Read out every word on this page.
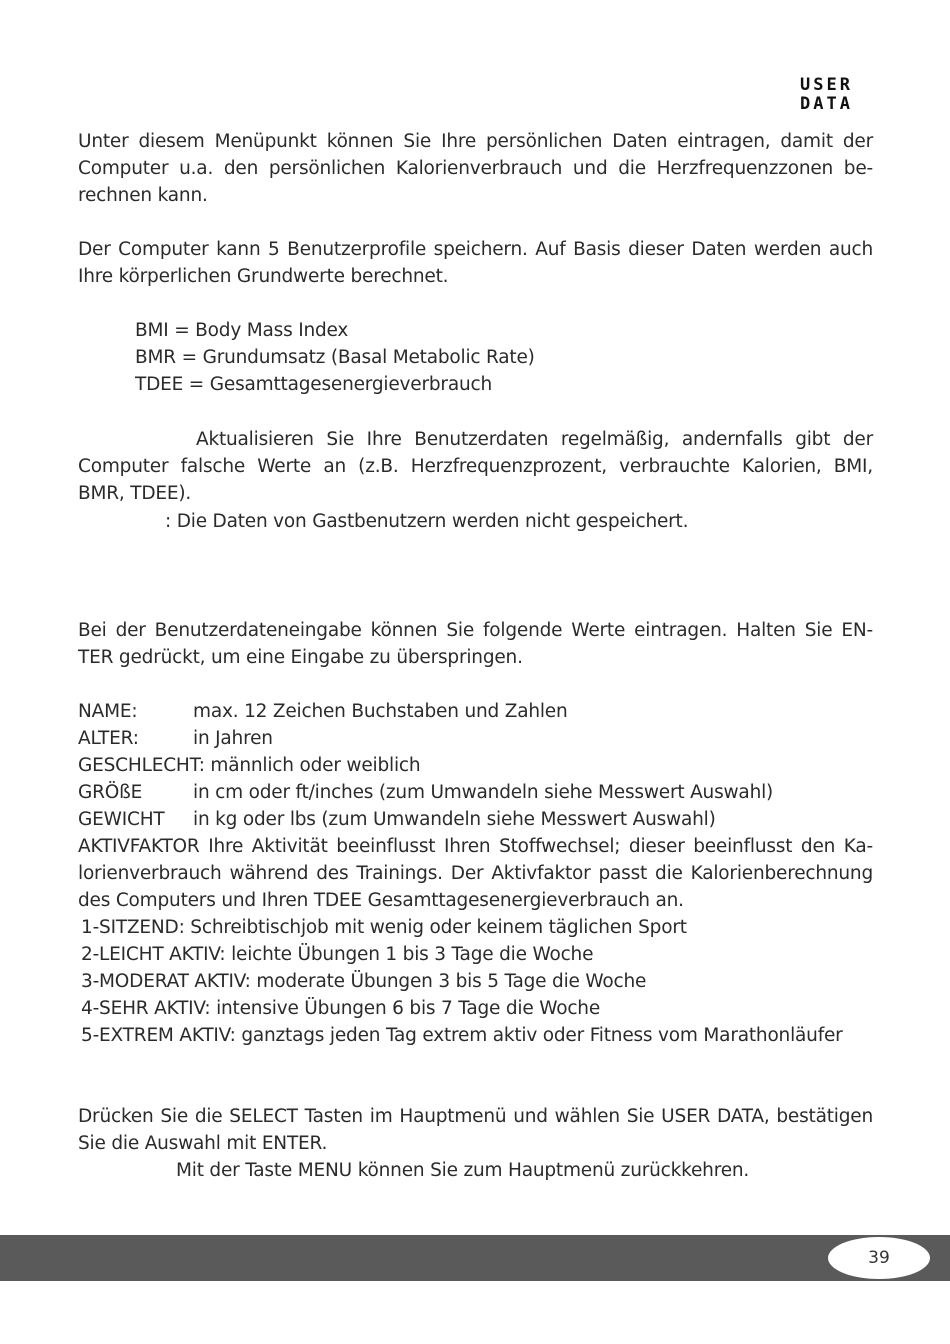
USER
DATA

Unter diesem Menüpunkt können Sie Ihre persönlichen Daten eintragen, damit der Computer u.a. den persönlichen Kalorienverbrauch und die Herzfrequenzzonen be-rechnen kann.

Der Computer kann 5 Benutzerprofile speichern. Auf Basis dieser Daten werden auch Ihre körperlichen Grundwerte berechnet.

BMI = Body Mass Index

BMR = Grundumsatz (Basal Metabolic Rate)

TDEE = Gesamttagesenergieverbrauch

Aktualisieren Sie Ihre Benutzerdaten regelmäßig, andernfalls gibt der Computer falsche Werte an (z.B. Herzfrequenzprozent, verbrauchte Kalorien, BMI, BMR, TDEE).

: Die Daten von Gastbenutzern werden nicht gespeichert.

Bei der Benutzerdateneingabe können Sie folgende Werte eintragen. Halten Sie EN-TER gedrückt, um eine Eingabe zu überspringen.

NAME:	max. 12 Zeichen Buchstaben und Zahlen

ALTER:	in Jahren

GESCHLECHT: männlich oder weiblich

GRÖßE	in cm oder ft/inches (zum Umwandeln siehe Messwert Auswahl)

GEWICHT in kg oder lbs (zum Umwandeln siehe Messwert Auswahl)

AKTIVFAKTOR Ihre Aktivität beeinflusst Ihren Stoffwechsel; dieser beeinflusst den Ka-lorienverbrauch während des Trainings. Der Aktivfaktor passt die Kalorienberechnung des Computers und Ihren TDEE Gesamttagesenergieverbrauch an.

1-SITZEND: Schreibtischjob mit wenig oder keinem täglichen Sport

2-LEICHT AKTIV: leichte Übungen 1 bis 3 Tage die Woche

3-MODERAT AKTIV: moderate Übungen 3 bis 5 Tage die Woche

4-SEHR AKTIV: intensive Übungen 6 bis 7 Tage die Woche

5-EXTREM AKTIV: ganztags jeden Tag extrem aktiv oder Fitness vom Marathonläufer

Drücken Sie die SELECT Tasten im Hauptmenü und wählen Sie USER DATA, bestätigen Sie die Auswahl mit ENTER.

Mit der Taste MENU können Sie zum Hauptmenü zurückkehren.

39
